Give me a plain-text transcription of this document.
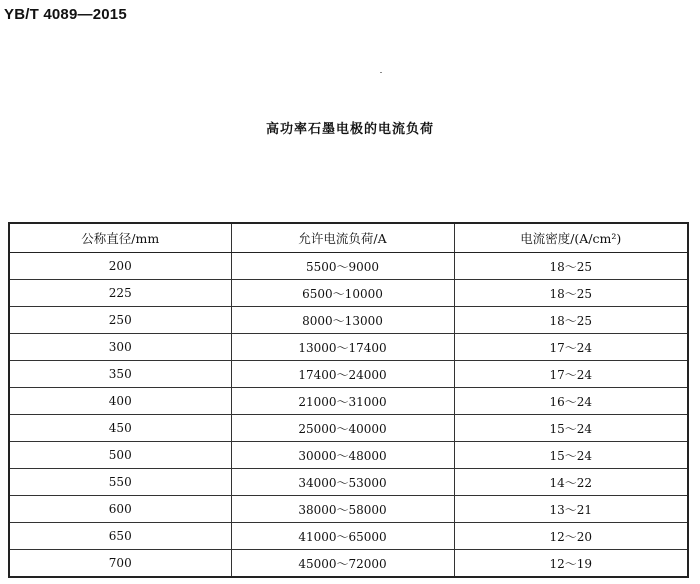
YB/T 4089—2015
高功率石墨电极的电流负荷
公称直径/mm	允许电流负荷/A	电流密度/(A/cm²)
200	5500～9000	18～25
225	6500～10000	18～25
250	8000～13000	18～25
300	13000～17400	17～24
350	17400～24000	17～24
400	21000～31000	16～24
450	25000～40000	15～24
500	30000～48000	15～24
550	34000～53000	14～22
600	38000～58000	13～21
650	41000～65000	12～20
700	45000～72000	12～19
